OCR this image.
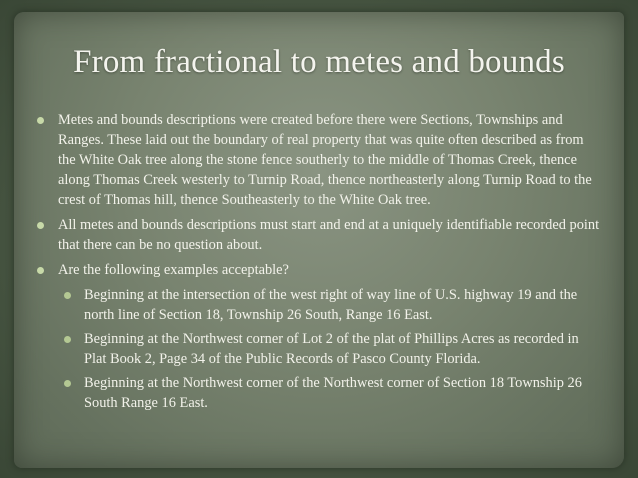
From fractional to metes and bounds
Metes and bounds descriptions were created before there were Sections, Townships and Ranges. These laid out the boundary of real property that was quite often described as from the White Oak tree along the stone fence southerly to the middle of Thomas Creek, thence along Thomas Creek westerly to Turnip Road, thence northeasterly along Turnip Road to the crest of Thomas hill, thence Southeasterly to the White Oak tree.
All metes and bounds descriptions must start and end at a uniquely identifiable recorded point that there can be no question about.
Are the following examples acceptable?
Beginning at the intersection of the west right of way line of U.S. highway 19 and the north line of Section 18, Township 26 South, Range 16 East.
Beginning at the Northwest corner of Lot 2 of the plat of Phillips Acres as recorded in Plat Book 2, Page 34 of the Public Records of Pasco County Florida.
Beginning at the Northwest corner of the Northwest corner of Section 18 Township 26 South Range 16 East.
